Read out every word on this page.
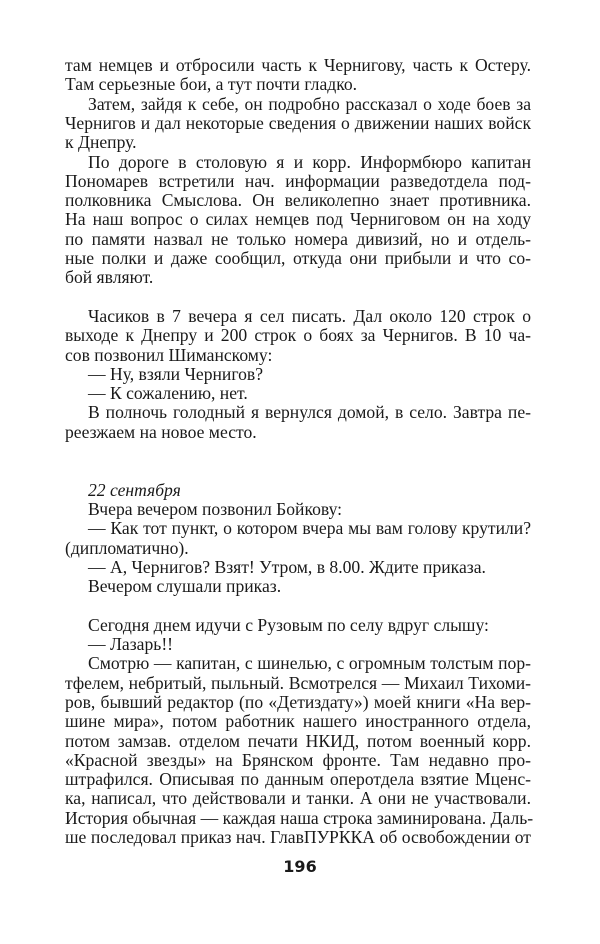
там немцев и отбросили часть к Чернигову, часть к Остеру.
Там серьезные бои, а тут почти гладко.
Затем, зайдя к себе, он подробно рассказал о ходе боев за
Чернигов и дал некоторые сведения о движении наших войск
к Днепру.
По дороге в столовую я и корр. Информбюро капитан
Пономарев встретили нач. информации разведотдела под-
полковника Смыслова. Он великолепно знает противника.
На наш вопрос о силах немцев под Черниговом он на ходу
по памяти назвал не только номера дивизий, но и отдель-
ные полки и даже сообщил, откуда они прибыли и что со-
бой являют.
Часиков в 7 вечера я сел писать. Дал около 120 строк о
выходе к Днепру и 200 строк о боях за Чернигов. В 10 ча-
сов позвонил Шиманскому:
— Ну, взяли Чернигов?
— К сожалению, нет.
В полночь голодный я вернулся домой, в село. Завтра пе-
реезжаем на новое место.
22 сентября
Вчера вечером позвонил Бойкову:
— Как тот пункт, о котором вчера мы вам голову крутили?
(дипломатично).
— А, Чернигов? Взят! Утром, в 8.00. Ждите приказа.
Вечером слушали приказ.
Сегодня днем идучи с Рузовым по селу вдруг слышу:
— Лазарь!!
Смотрю — капитан, с шинелью, с огромным толстым пор-
тфелем, небритый, пыльный. Всмотрелся — Михаил Тихоми-
ров, бывший редактор (по «Детиздату») моей книги «На вер-
шине мира», потом работник нашего иностранного отдела,
потом замзав. отделом печати НКИД, потом военный корр.
«Красной звезды» на Брянском фронте. Там недавно про-
штрафился. Описывая по данным оперотдела взятие Мценс-
ка, написал, что действовали и танки. А они не участвовали.
История обычная — каждая наша строка заминирована. Даль-
ше последовал приказ нач. ГлавПУРККА об освобождении от
196
